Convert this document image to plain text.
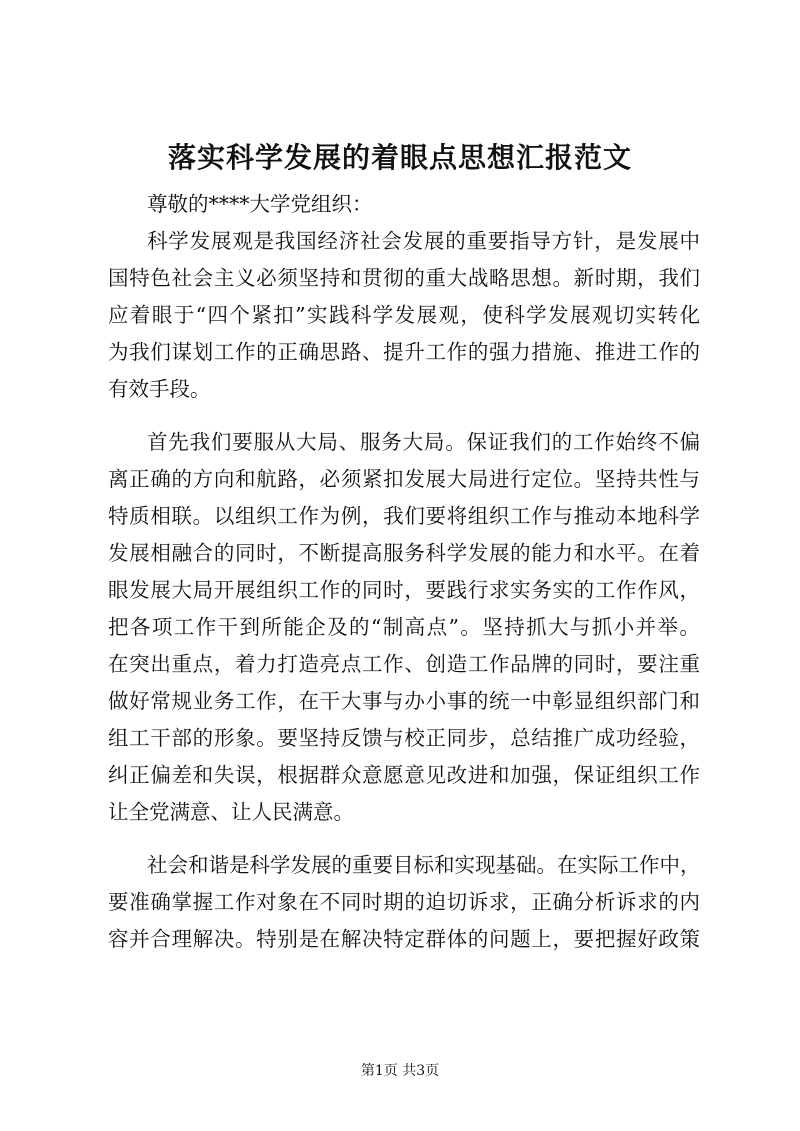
落实科学发展的着眼点思想汇报范文
尊敬的****大学党组织：
科学发展观是我国经济社会发展的重要指导方针，是发展中
国特色社会主义必须坚持和贯彻的重大战略思想。新时期，我们
应着眼于“四个紧扣”实践科学发展观，使科学发展观切实转化
为我们谋划工作的正确思路、提升工作的强力措施、推进工作的
有效手段。
首先我们要服从大局、服务大局。保证我们的工作始终不偏
离正确的方向和航路，必须紧扣发展大局进行定位。坚持共性与
特质相联。以组织工作为例，我们要将组织工作与推动本地科学
发展相融合的同时，不断提高服务科学发展的能力和水平。在着
眼发展大局开展组织工作的同时，要践行求实务实的工作作风，
把各项工作干到所能企及的“制高点”。坚持抓大与抓小并举。
在突出重点，着力打造亮点工作、创造工作品牌的同时，要注重
做好常规业务工作，在干大事与办小事的统一中彰显组织部门和
组工干部的形象。要坚持反馈与校正同步，总结推广成功经验，
纠正偏差和失误，根据群众意愿意见改进和加强，保证组织工作
让全党满意、让人民满意。
社会和谐是科学发展的重要目标和实现基础。在实际工作中，
要准确掌握工作对象在不同时期的迫切诉求，正确分析诉求的内
容并合理解决。特别是在解决特定群体的问题上，要把握好政策
第1页 共3页
